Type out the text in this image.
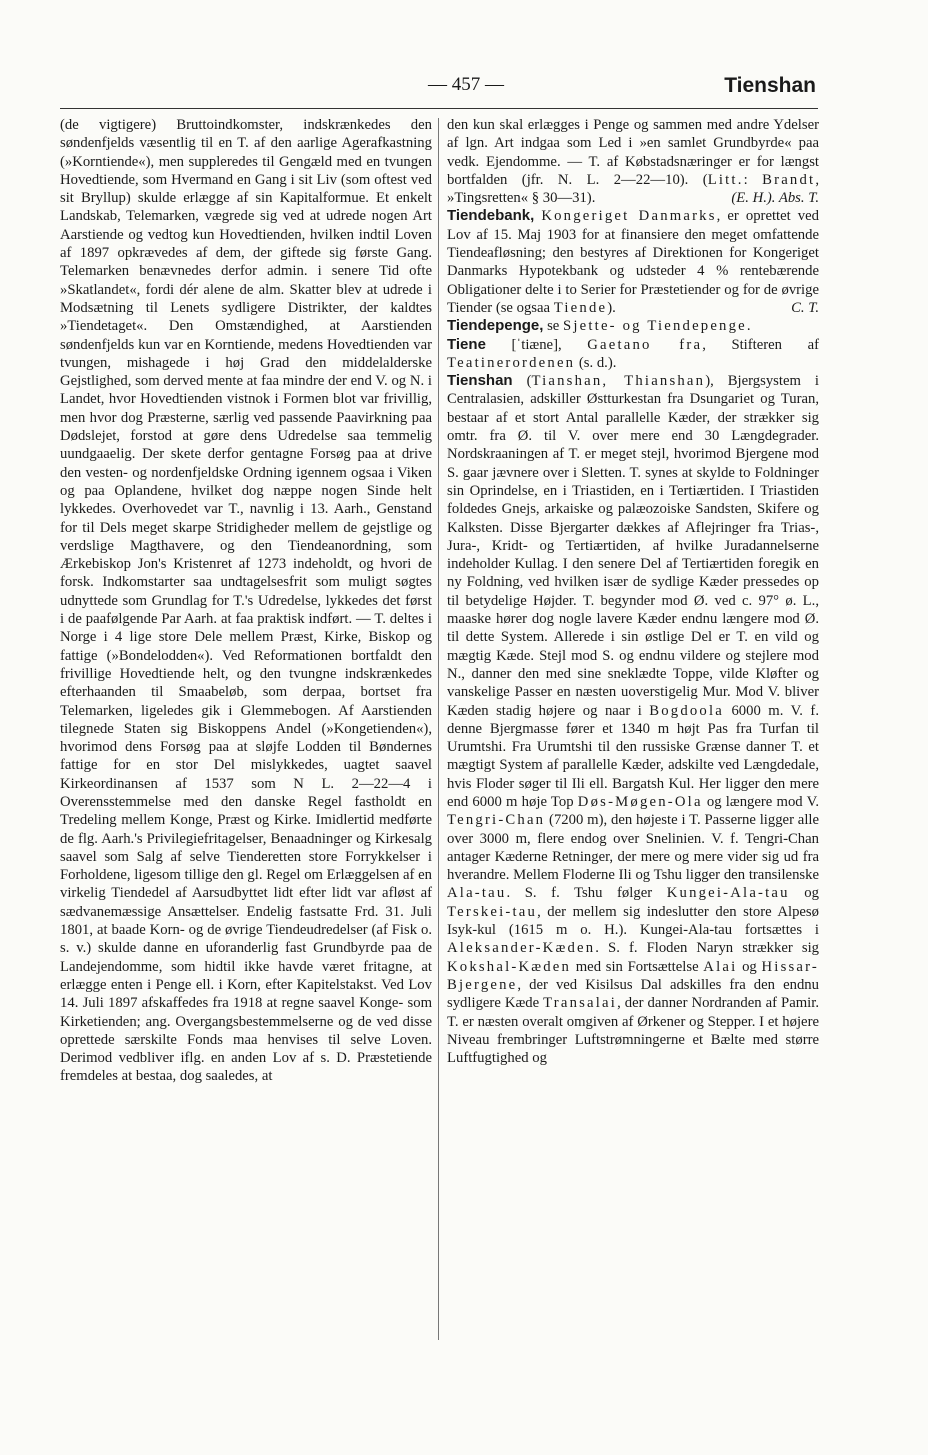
— 457 —	Tienshan

(de vigtigere) Bruttoindkomster, indskrænkedes den søndenfjelds væsentlig til en T. af den aarlige Agerafkastning (»Korntiende«), men suppleredes til Gengæld med en tvungen Hovedtiende, som Hvermand en Gang i sit Liv (som oftest ved sit Bryllup) skulde erlægge af sin Kapitalformue. Et enkelt Landskab, Telemarken, vægrede sig ved at udrede nogen Art Aarstiende og vedtog kun Hovedtienden, hvilken indtil Loven af 1897 opkrævedes af dem, der giftede sig første Gang. Telemarken benævnedes derfor admin. i senere Tid ofte »Skatlandet«, fordi dér alene de alm. Skatter blev at udrede i Modsætning til Lenets sydligere Distrikter, der kaldtes »Tiendetaget«. Den Omstændighed, at Aarstienden søndenfjelds kun var en Korntiende, medens Hovedtienden var tvungen, mishagede i høj Grad den middelalderske Gejstlighed, som derved mente at faa mindre der end V. og N. i Landet, hvor Hovedtienden vistnok i Formen blot var frivillig, men hvor dog Præsterne, særlig ved passende Paavirkning paa Dødslejet, forstod at gøre dens Udredelse saa temmelig uundgaaelig. Der skete derfor gentagne Forsøg paa at drive den vesten- og nordenfjeldske Ordning igennem ogsaa i Viken og paa Oplandene, hvilket dog næppe nogen Sinde helt lykkedes. Overhovedet var T., navnlig i 13. Aarh., Genstand for til Dels meget skarpe Stridigheder mellem de gejstlige og verdslige Magthavere, og den Tiendeanordning, som Ærkebiskop Jon's Kristenret af 1273 indeholdt, og hvori de forsk. Indkomstarter saa undtagelsesfrit som muligt søgtes udnyttede som Grundlag for T.'s Udredelse, lykkedes det først i de paafølgende Par Aarh. at faa praktisk indført. — T. deltes i Norge i 4 lige store Dele mellem Præst, Kirke, Biskop og fattige (»Bondelodden«). Ved Reformationen bortfaldt den frivillige Hovedtiende helt, og den tvungne indskrænkedes efterhaanden til Smaabeløb, som derpaa, bortset fra Telemarken, ligeledes gik i Glemmebogen. Af Aarstienden tilegnede Staten sig Biskoppens Andel (»Kongetienden«), hvorimod dens Forsøg paa at sløjfe Lodden til Bøndernes fattige for en stor Del mislykkedes, uagtet saavel Kirkeordinansen af 1537 som N L. 2—22—4 i Overensstemmelse med den danske Regel fastholdt en Tredeling mellem Konge, Præst og Kirke. Imidlertid medførte de flg. Aarh.'s Privilegiefritagelser, Benaadninger og Kirkesalg saavel som Salg af selve Tienderetten store Forrykkelser i Forholdene, ligesom tillige den gl. Regel om Erlæggelsen af en virkelig Tiendedel af Aarsudbyttet lidt efter lidt var afløst af sædvanemæssige Ansættelser. Endelig fastsatte Frd. 31. Juli 1801, at baade Korn- og de øvrige Tiendeudredelser (af Fisk o. s. v.) skulde danne en uforanderlig fast Grundbyrde paa de Landejendomme, som hidtil ikke havde været fritagne, at erlægge enten i Penge ell. i Korn, efter Kapitelstakst. Ved Lov 14. Juli 1897 afskaffedes fra 1918 at regne saavel Konge- som Kirketienden; ang. Overgangsbestemmelserne og de ved disse oprettede særskilte Fonds maa henvises til selve Loven. Derimod vedbliver iflg. en anden Lov af s. D. Præstetiende fremdeles at bestaa, dog saaledes, at

den kun skal erlægges i Penge og sammen med andre Ydelser af lgn. Art indgaa som Led i »en samlet Grundbyrde« paa vedk. Ejendomme. — T. af Købstadsnæringer er for længst bortfalden (jfr. N. L. 2—22—10). (Litt.: Brandt, »Tingsretten« § 30—31).	(E. H.). Abs. T.

Tiendebank, Kongeriget Danmarks, er oprettet ved Lov af 15. Maj 1903 for at finansiere den meget omfattende Tiendeafløsning; den bestyres af Direktionen for Kongeriget Danmarks Hypotekbank og udsteder 4 % rentebærende Obligationer delte i to Serier for Præstetiender og for de øvrige Tiender (se ogsaa Tiende).	C. T.

Tiendepenge, se Sjette- og Tiendepenge.

Tiene [ˈtiæne], Gaetano fra, Stifteren af Teatinerordenen (s. d.).

Tienshan (Tianshan, Thianshan), Bjergsystem i Centralasien, adskiller Østturkestan fra Dsungariet og Turan, bestaar af et stort Antal parallelle Kæder, der strækker sig omtr. fra Ø. til V. over mere end 30 Længdegrader. Nordskraaningen af T. er meget stejl, hvorimod Bjergene mod S. gaar jævnere over i Sletten. T. synes at skylde to Foldninger sin Oprindelse, en i Triastiden, en i Tertiærtiden. I Triastiden foldedes Gnejs, arkaiske og palæozoiske Sandsten, Skifere og Kalksten. Disse Bjergarter dækkes af Aflejringer fra Trias-, Jura-, Kridt- og Tertiærtiden, af hvilke Juradannelserne indeholder Kullag. I den senere Del af Tertiærtiden foregik en ny Foldning, ved hvilken især de sydlige Kæder pressedes op til betydelige Højder. T. begynder mod Ø. ved c. 97° ø. L., maaske hører dog nogle lavere Kæder endnu længere mod Ø. til dette System. Allerede i sin østlige Del er T. en vild og mægtig Kæde. Stejl mod S. og endnu vildere og stejlere mod N., danner den med sine sneklædte Toppe, vilde Kløfter og vanskelige Passer en næsten uoverstigelig Mur. Mod V. bliver Kæden stadig højere og naar i Bogdoola 6000 m. V. f. denne Bjergmasse fører et 1340 m højt Pas fra Turfan til Urumtshi. Fra Urumtshi til den russiske Grænse danner T. et mægtigt System af parallelle Kæder, adskilte ved Længdedale, hvis Floder søger til Ili ell. Bargatsh Kul. Her ligger den mere end 6000 m høje Top Døs-Møgen-Ola og længere mod V. Tengri-Chan (7200 m), den højeste i T. Passerne ligger alle over 3000 m, flere endog over Snelinien. V. f. Tengri-Chan antager Kæderne Retninger, der mere og mere vider sig ud fra hverandre. Mellem Floderne Ili og Tshu ligger den transilenske Ala-tau. S. f. Tshu følger Kungei-Ala-tau og Terskei-tau, der mellem sig indeslutter den store Alpesø Isyk-kul (1615 m o. H.). Kungei-Ala-tau fortsættes i Aleksander-Kæden. S. f. Floden Naryn strækker sig Kokshal-Kæden med sin Fortsættelse Alai og Hissar-Bjergene, der ved Kisilsus Dal adskilles fra den endnu sydligere Kæde Transalai, der danner Nordranden af Pamir. T. er næsten overalt omgiven af Ørkener og Stepper. I et højere Niveau frembringer Luftstrømningerne et Bælte med større Luftfugtighed og
